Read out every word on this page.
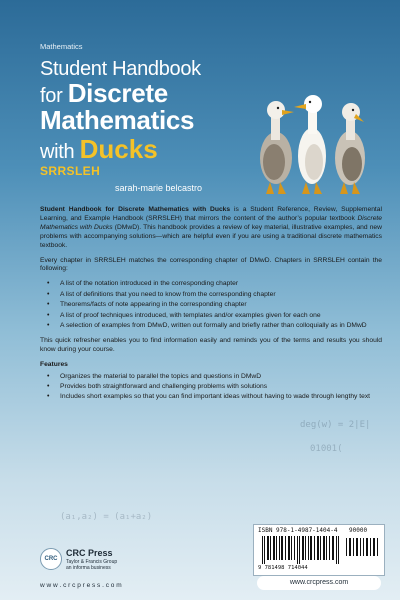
Mathematics
Student Handbook
for Discrete
Mathematics
with Ducks
SRRSLEH
sarah-marie belcastro
deg(w) = 2|E|
01001(
(a₁,a₂) = (a₁+a₂)

Student Handbook for Discrete Mathematics with Ducks is a Student Reference, Review, Supplemental Learning, and Example Handbook (SRRSLEH) that mirrors the content of the author’s popular textbook Discrete Mathematics with Ducks (DMwD). This handbook provides a review of key material, illustrative examples, and new problems with accompanying solutions—which are helpful even if you are using a traditional discrete mathematics textbook.

Every chapter in SRRSLEH matches the corresponding chapter of DMwD. Chapters in SRRSLEH contain the following:

• A list of the notation introduced in the corresponding chapter
• A list of definitions that you need to know from the corresponding chapter
• Theorems/facts of note appearing in the corresponding chapter
• A list of proof techniques introduced, with templates and/or examples given for each one
• A selection of examples from DMwD, written out formally and briefly rather than colloquially as in DMwD

This quick refresher enables you to find information easily and reminds you of the terms and results you should know during your course.

Features
• Organizes the material to parallel the topics and questions in DMwD
• Provides both straightforward and challenging problems with solutions
• Includes short examples so that you can find important ideas without having to wade through lengthy text
CRC
CRC Press
Taylor & Francis Group
an informa business
w w w . c r c p r e s s . c o m
ISBN 978-1-4987-1404-4
9 781498 714044
90000
www.crcpress.com
